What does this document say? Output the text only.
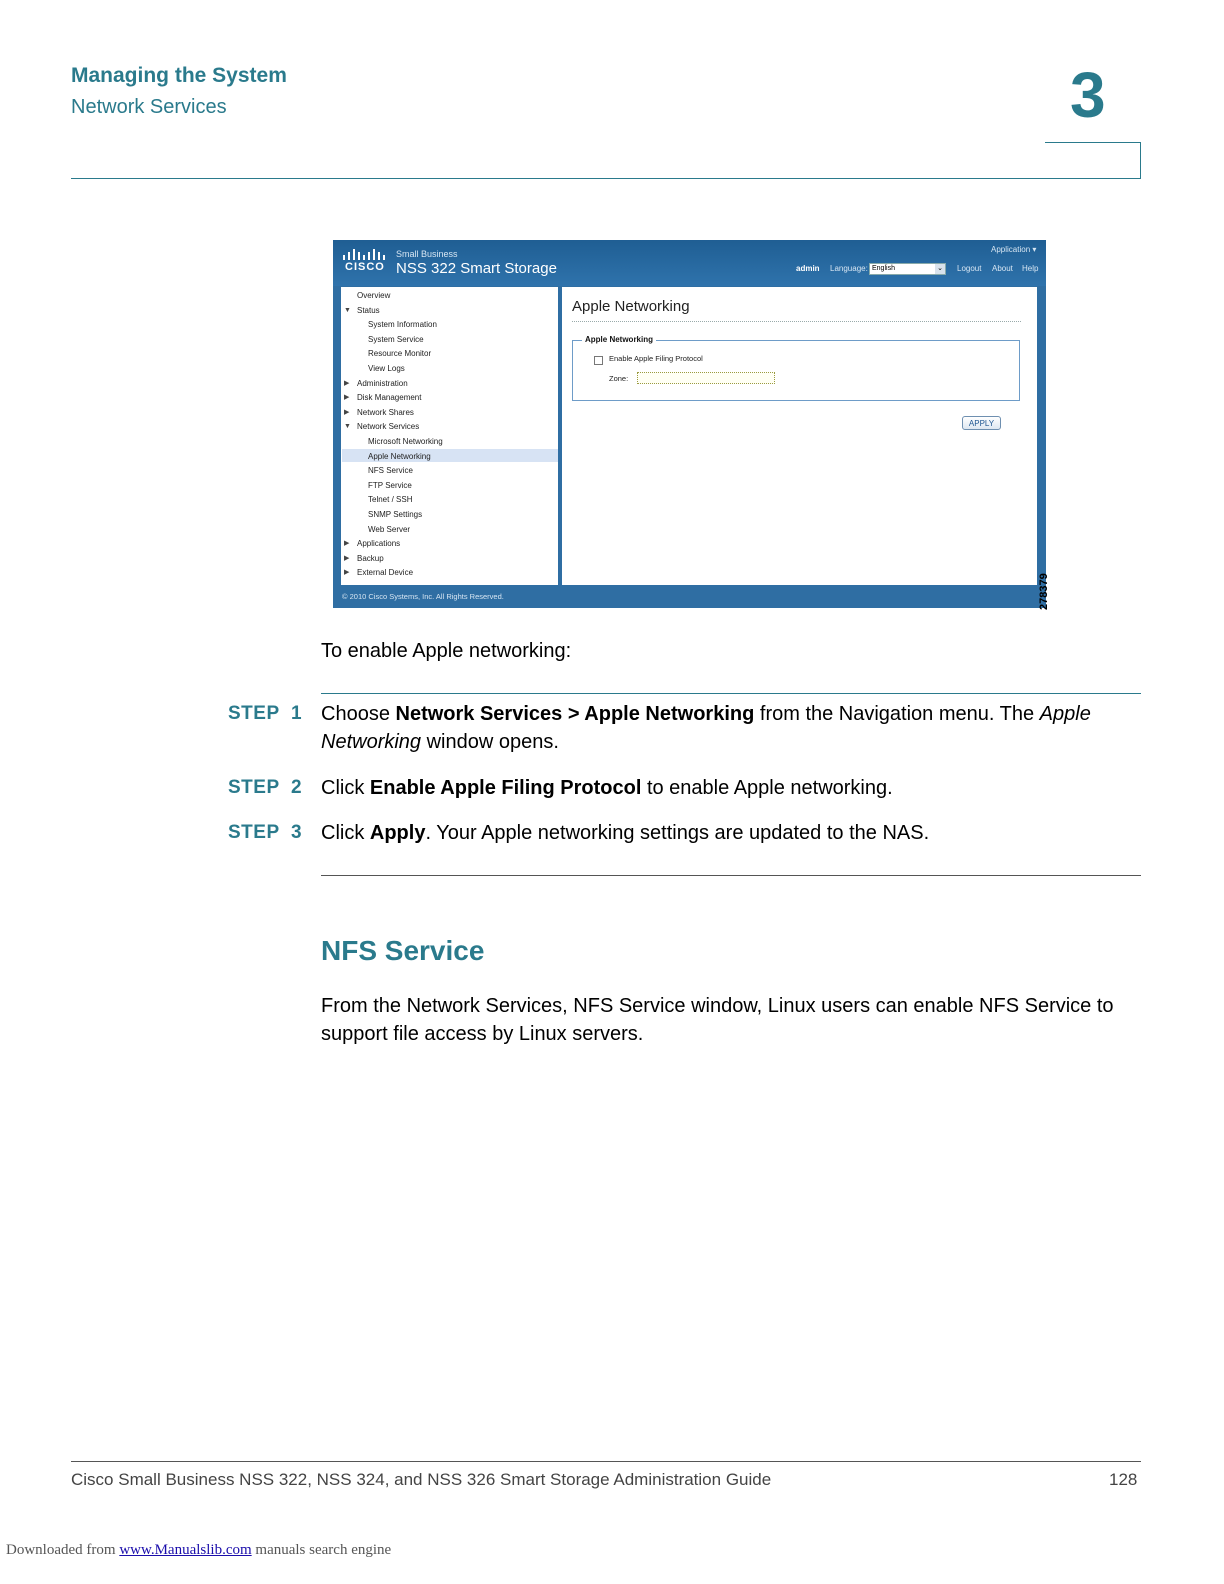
Managing the System
Network Services	3
CISCO
Small Business
NSS 322 Smart Storage
Application ▾
admin Language: English	⌄ Logout About Help
Overview
▼ Status
System Information
System Service
Resource Monitor
View Logs
▶ Administration
▶ Disk Management
▶ Network Shares
▼ Network Services
Microsoft Networking
Apple Networking
NFS Service
FTP Service
Telnet / SSH
SNMP Settings
Web Server
▶ Applications
▶ Backup
▶ External Device
Apple Networking
Apple Networking
Enable Apple Filing Protocol
Zone:
APPLY
© 2010 Cisco Systems, Inc. All Rights Reserved.	278379
To enable Apple networking:
STEP 1 Choose Network Services > Apple Networking from the Navigation menu. The Apple Networking window opens.
STEP 2 Click Enable Apple Filing Protocol to enable Apple networking.
STEP 3 Click Apply. Your Apple networking settings are updated to the NAS.
NFS Service
From the Network Services, NFS Service window, Linux users can enable NFS Service to support file access by Linux servers.
Cisco Small Business NSS 322, NSS 324, and NSS 326 Smart Storage Administration Guide	128
Downloaded from www.Manualslib.com manuals search engine
